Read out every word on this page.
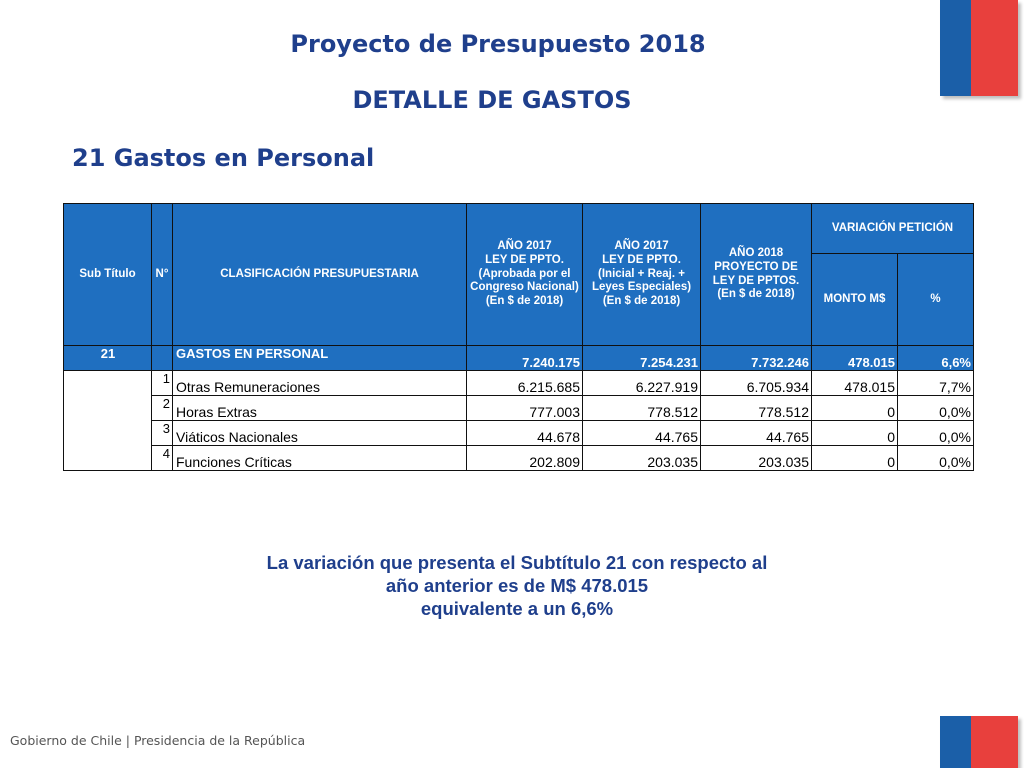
Proyecto de Presupuesto 2018
DETALLE DE GASTOS
21 Gastos en Personal
Sub Título	N°	CLASIFICACIÓN PRESUPUESTARIA	AÑO 2017
LEY DE PPTO.
(Aprobada por el Congreso Nacional)
(En $ de 2018)	AÑO 2017
LEY DE PPTO.
(Inicial + Reaj. + Leyes Especiales)
(En $ de 2018)	AÑO 2018
PROYECTO DE LEY DE PPTOS.
(En $ de 2018)	VARIACIÓN PETICIÓN	
						MONTO M$	%
21		GASTOS EN PERSONAL	7.240.175	7.254.231	7.732.246	478.015	6,6%
	1	Otras Remuneraciones	6.215.685	6.227.919	6.705.934	478.015	7,7%
	2	Horas Extras	777.003	778.512	778.512	0	0,0%
	3	Viáticos Nacionales	44.678	44.765	44.765	0	0,0%
	4	Funciones Críticas	202.809	203.035	203.035	0	0,0%
La variación que presenta el Subtítulo 21 con respecto al
año anterior es de M$ 478.015
equivalente a un 6,6%
Gobierno de Chile | Presidencia de la República
